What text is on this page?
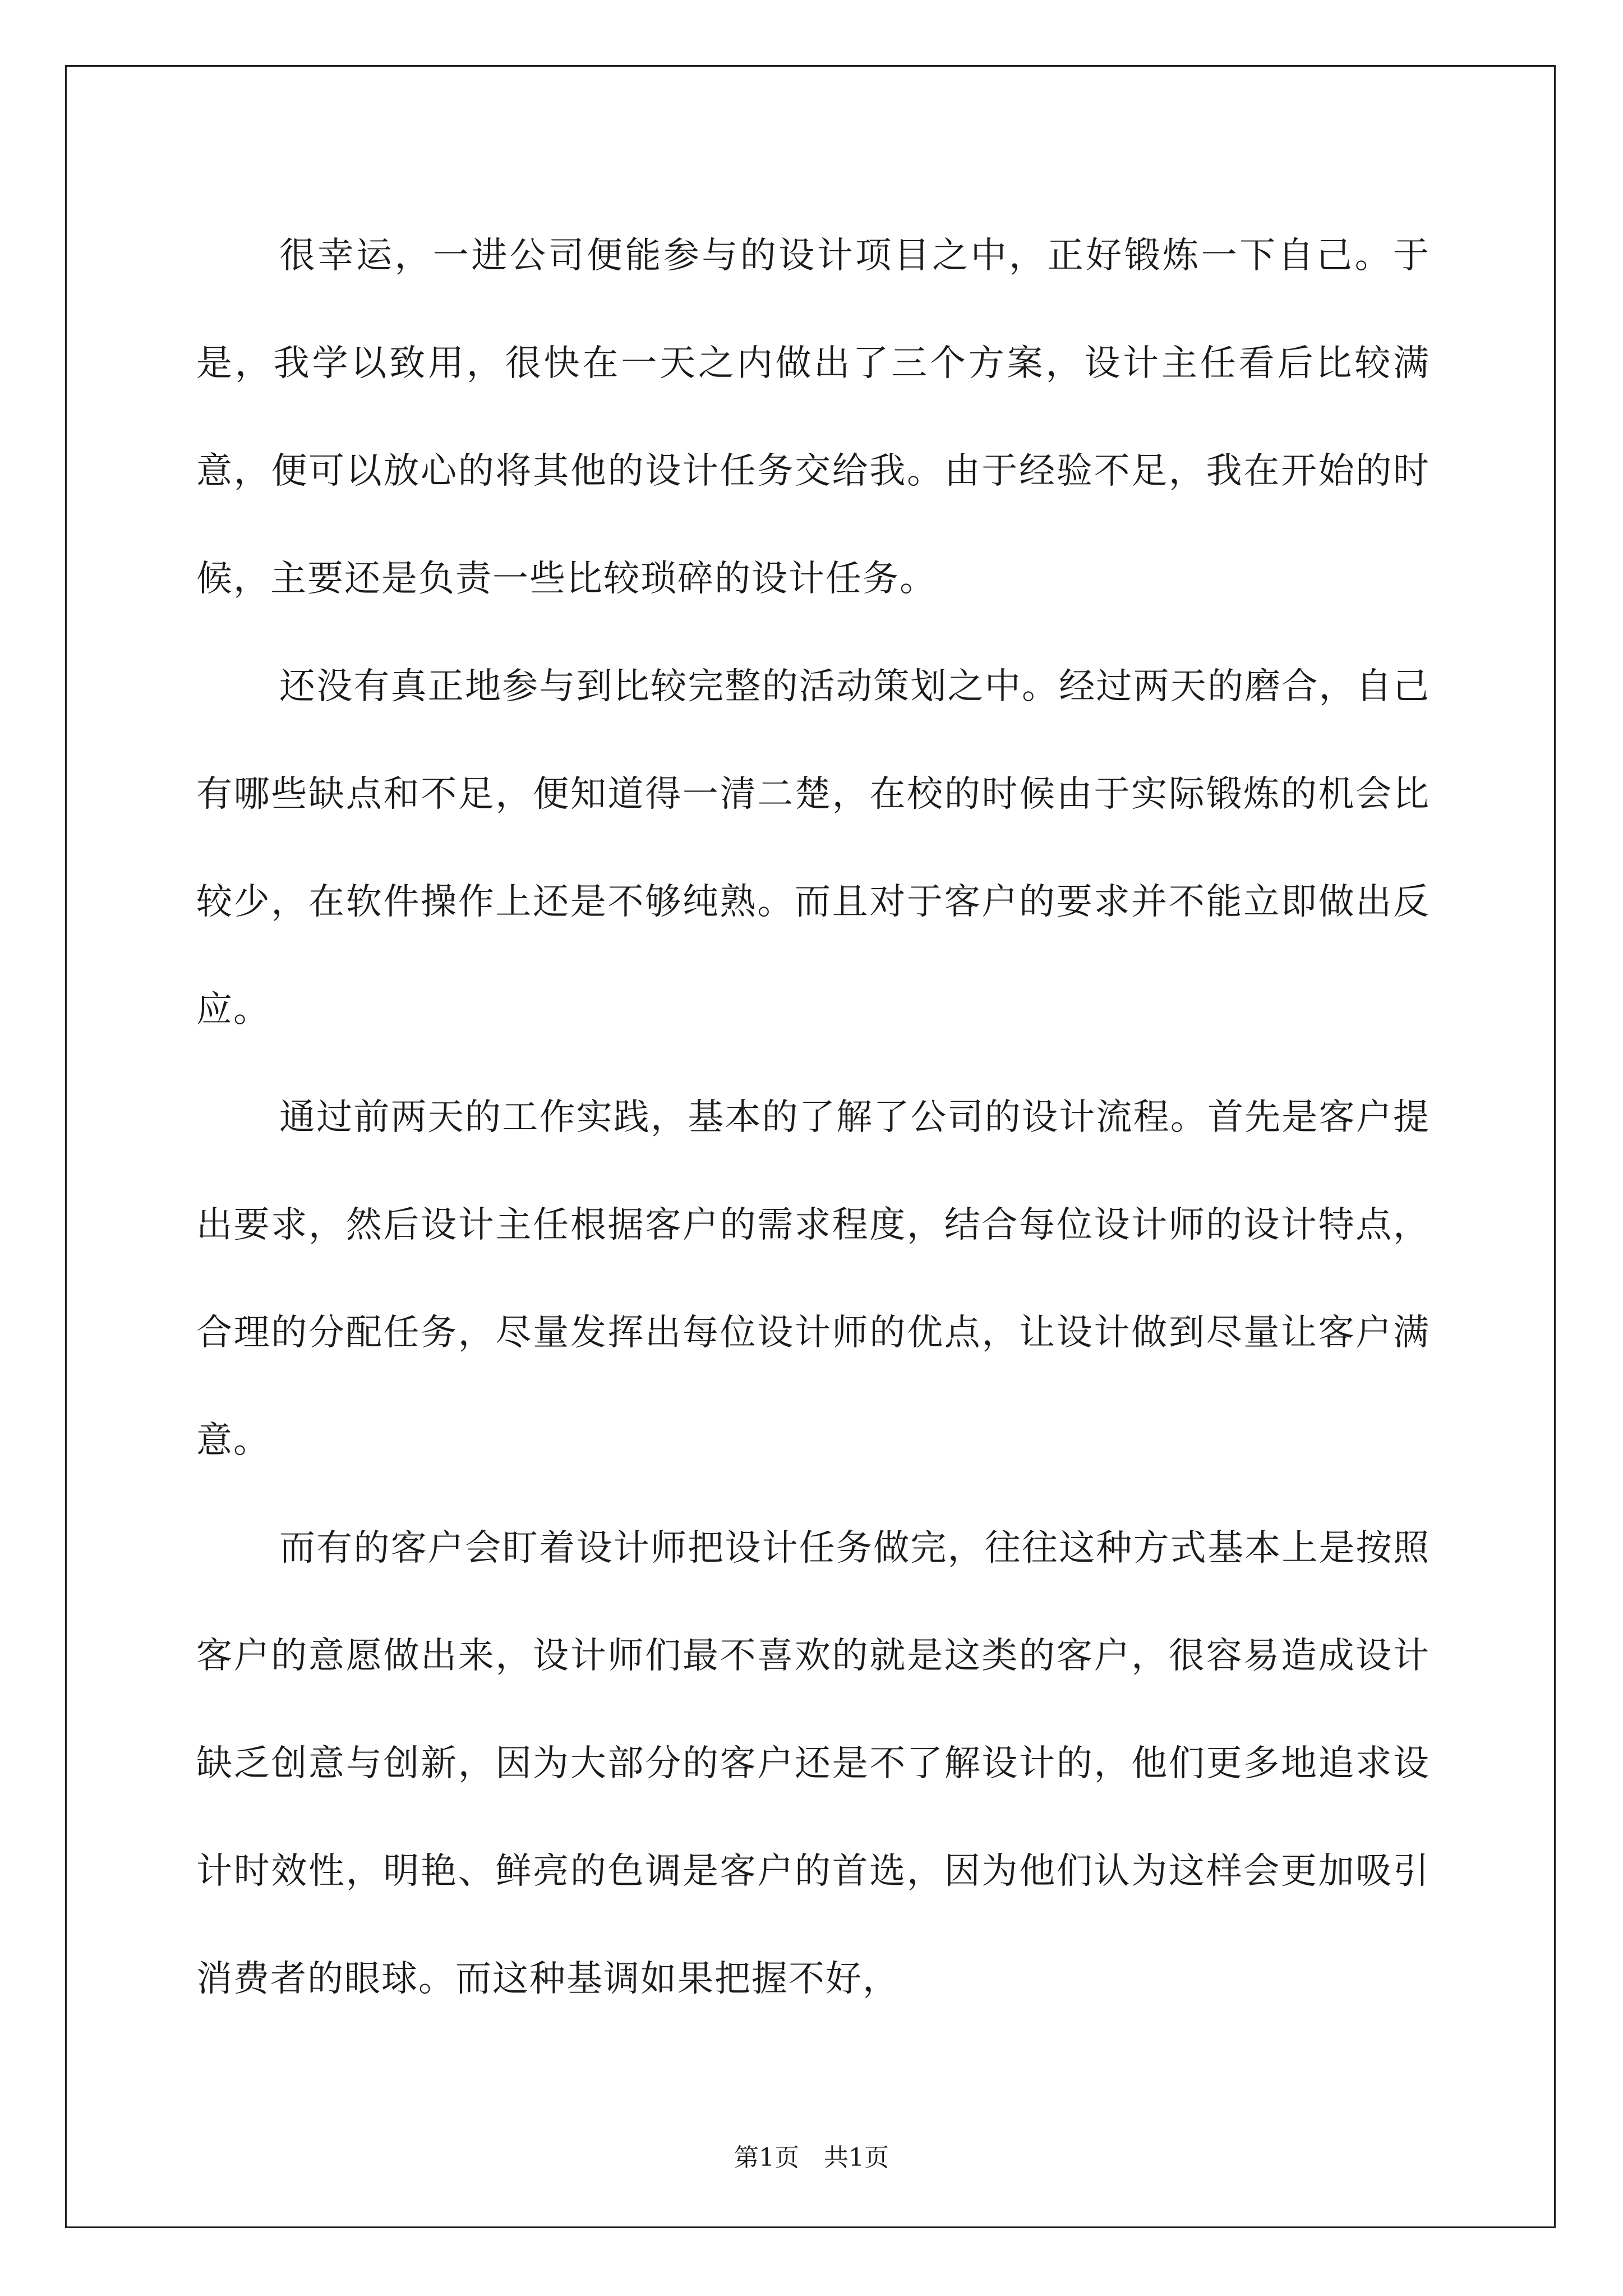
很幸运，一进公司便能参与的设计项目之中，正好锻炼一下自己。于是，我学以致用，很快在一天之内做出了三个方案，设计主任看后比较满意，便可以放心的将其他的设计任务交给我。由于经验不足，我在开始的时候，主要还是负责一些比较琐碎的设计任务。

还没有真正地参与到比较完整的活动策划之中。经过两天的磨合，自己有哪些缺点和不足，便知道得一清二楚，在校的时候由于实际锻炼的机会比较少，在软件操作上还是不够纯熟。而且对于客户的要求并不能立即做出反应。

通过前两天的工作实践，基本的了解了公司的设计流程。首先是客户提出要求，然后设计主任根据客户的需求程度，结合每位设计师的设计特点，合理的分配任务，尽量发挥出每位设计师的优点，让设计做到尽量让客户满意。

而有的客户会盯着设计师把设计任务做完，往往这种方式基本上是按照客户的意愿做出来，设计师们最不喜欢的就是这类的客户，很容易造成设计缺乏创意与创新，因为大部分的客户还是不了解设计的，他们更多地追求设计时效性，明艳、鲜亮的色调是客户的首选，因为他们认为这样会更加吸引消费者的眼球。而这种基调如果把握不好，

第1页　共1页
